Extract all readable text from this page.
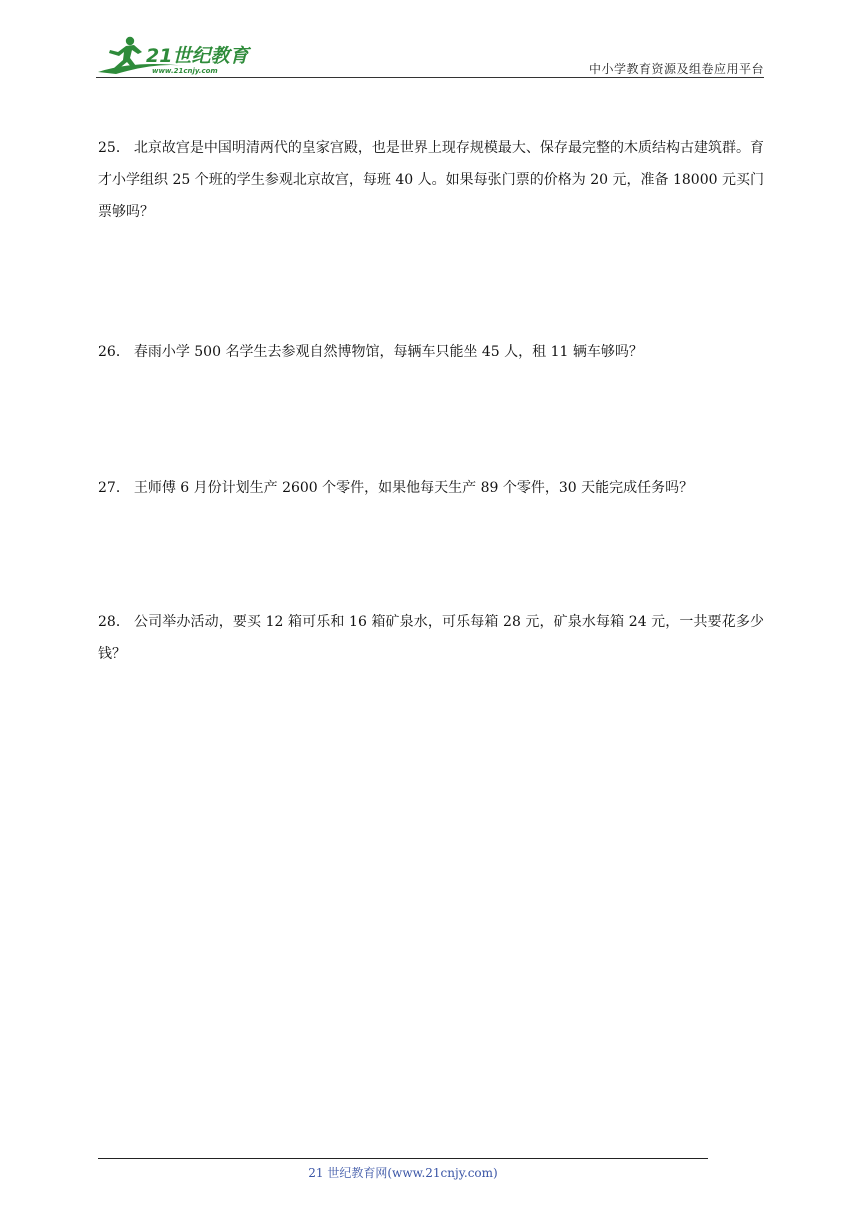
21世纪教育
www.21cnjy.com	中小学教育资源及组卷应用平台

25． 北京故宫是中国明清两代的皇家宫殿，也是世界上现存规模最大、保存最完整的木质结构古建筑群。育才小学组织 25 个班的学生参观北京故宫，每班 40 人。如果每张门票的价格为 20 元，准备 18000 元买门票够吗？

26． 春雨小学 500 名学生去参观自然博物馆，每辆车只能坐 45 人，租 11 辆车够吗？

27． 王师傅 6 月份计划生产 2600 个零件，如果他每天生产 89 个零件，30 天能完成任务吗？

28． 公司举办活动，要买 12 箱可乐和 16 箱矿泉水，可乐每箱 28 元，矿泉水每箱 24 元，一共要花多少钱？

21 世纪教育网(www.21cnjy.com)
